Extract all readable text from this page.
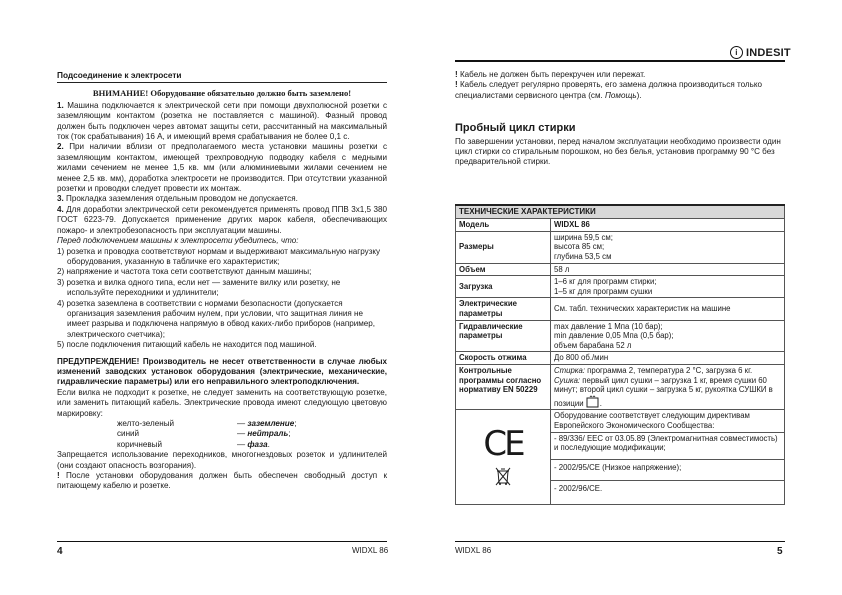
i INDESIT

Подсоединение к электросети

ВНИМАНИЕ! Оборудование обязательно должно быть заземлено!

1. Машина подключается к электрической сети при помощи двухполюсной розетки с заземляющим контактом (розетка не поставляется с машиной). Фазный провод должен быть подключен через автомат защиты сети, рассчитанный на максимальный ток (ток срабатывания) 16 А, и имеющий время срабатывания не более 0,1 с.

2. При наличии вблизи от предполагаемого места установки машины розетки с заземляющим контактом, имеющей трехпроводную подводку кабеля с медными жилами сечением не менее 1,5 кв. мм (или алюминиевыми жилами сечением не менее 2,5 кв. мм), доработка электросети не производится. При отсутствии указанной розетки и проводки следует провести их монтаж.

3. Прокладка заземления отдельным проводом не допускается.

4. Для доработки электрической сети рекомендуется применять провод ППВ 3х1,5 380 ГОСТ 6223-79. Допускается применение других марок кабеля, обеспечивающих пожаро- и электробезопасность при эксплуатации машины.

Перед подключением машины к электросети убедитесь, что:

1) розетка и проводка соответствуют нормам и выдерживают максимальную нагрузку оборудования, указанную в табличке его характеристик;

2) напряжение и частота тока сети соответствуют данным машины;

3) розетка и вилка одного типа, если нет — замените вилку или розетку, не используйте переходники и удлинители;

4) розетка заземлена в соответствии с нормами безопасности (допускается организация заземления рабочим нулем, при условии, что защитная линия не имеет разрыва и подключена напрямую в обвод каких-либо приборов (например, электрического счетчика);

5) после подключения питающий кабель не находится под машиной.

ПРЕДУПРЕЖДЕНИЕ! Производитель не несет ответственности в случае любых изменений заводских установок оборудования (электрические, механические, гидравлические параметры) или его неправильного электроподключения.

Если вилка не подходит к розетке, не следует заменить на соответствующую розетке, или заменить питающий кабель. Электрические провода имеют следующую цветовую маркировку:

желто-зеленый	— заземление;
синий	— нейтраль;
коричневый	— фаза.

Запрещается использование переходников, многогнездовых розеток и удлинителей (они создают опасность возгорания).

! После установки оборудования должен быть обеспечен свободный доступ к питающему кабелю и розетке.

4	WIDXL 86

! Кабель не должен быть перекручен или пережат.

! Кабель следует регулярно проверять, его замена должна производиться только специалистами сервисного центра (см. Помощь).

Пробный цикл стирки

По завершении установки, перед началом эксплуатации необходимо произвести один цикл стирки со стиральным порошком, но без белья, установив программу 90 °С без предварительной стирки.

ТЕХНИЧЕСКИЕ ХАРАКТЕРИСТИКИ	
Модель	WIDXL 86
Размеры	ширина 59,5 см;
высота 85 см;
глубина 53,5 см

Объем	58 л
Загрузка	1–6 кг для программ стирки;
1–5 кг для программ сушки

Электрические параметры	См. табл. технических характеристик на машине
Гидравлические параметры	max давление 1 Мпа (10 бар);
min давление 0,05 Мпа (0,5 бар);
объем барабана 52 л

Скорость отжима	До 800 об./мин
Контрольные программы согласно нормативу EN 50229	Стирка: программа 2, температура 2 °С, загрузка 6 кг.
Сушка: первый цикл сушки – загрузка 1 кг, время сушки 60 минут; второй цикл сушки – загрузка 5 кг, рукоятка СУШКИ в позиции .

CE	Оборудование соответствует следующим директивам Европейского Экономического Сообщества:
- 89/336/ EEC от 03.05.89 (Электромагнитная совместимость) и последующие модификации;
- 2002/95/CE (Низкое напряжение);
- 2002/96/CE.
WIDXL 86	5
